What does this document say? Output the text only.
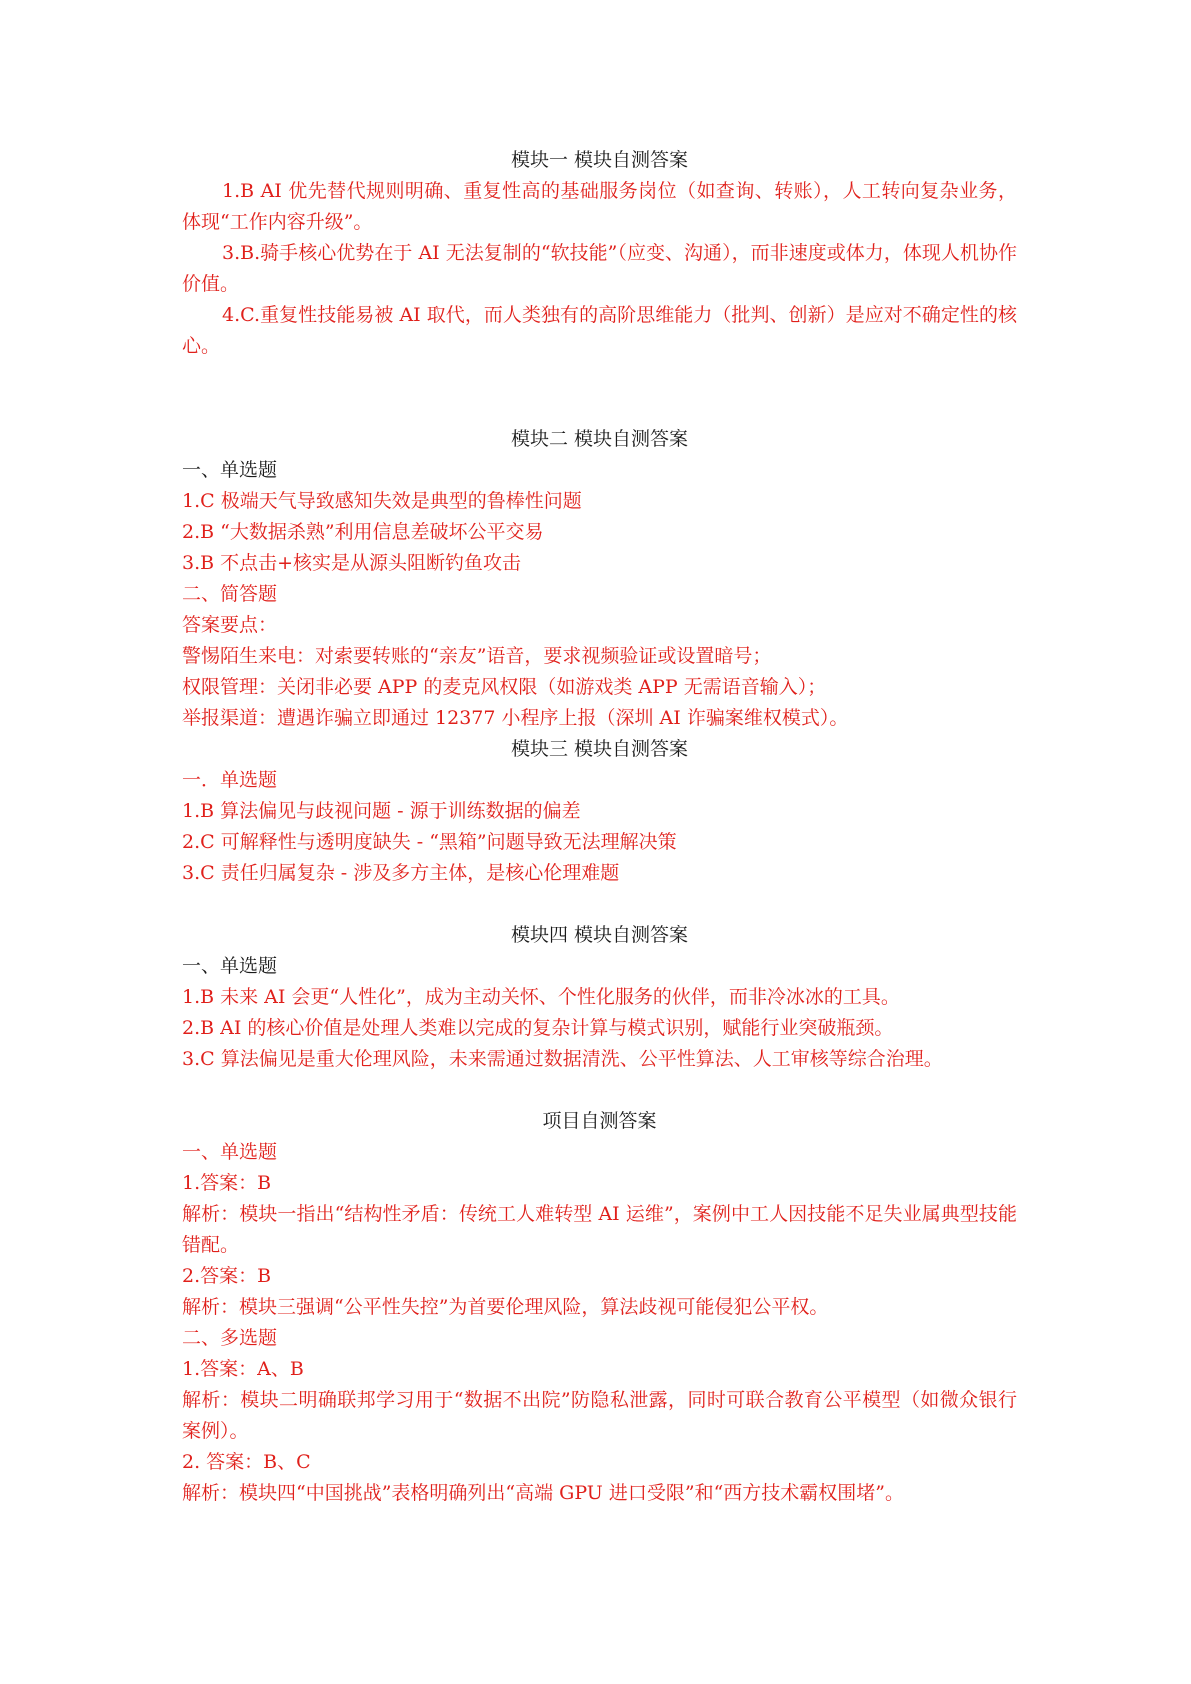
模块一 模块自测答案

1.B AI 优先替代规则明确、重复性高的基础服务岗位（如查询、转账），人工转向复杂业务，体现“工作内容升级”。

3.B.骑手核心优势在于 AI 无法复制的“软技能”（应变、沟通），而非速度或体力，体现人机协作价值。

4.C.重复性技能易被 AI 取代，而人类独有的高阶思维能力（批判、创新）是应对不确定性的核心。

模块二 模块自测答案

一、单选题

1.C 极端天气导致感知失效是典型的鲁棒性问题

2.B “大数据杀熟”利用信息差破坏公平交易

3.B 不点击+核实是从源头阻断钓鱼攻击

二、简答题

答案要点：

警惕陌生来电：对索要转账的“亲友”语音，要求视频验证或设置暗号；

权限管理：关闭非必要 APP 的麦克风权限（如游戏类 APP 无需语音输入）；

举报渠道：遭遇诈骗立即通过 12377 小程序上报（深圳 AI 诈骗案维权模式）。

模块三 模块自测答案

一．单选题

1.B 算法偏见与歧视问题 - 源于训练数据的偏差

2.C 可解释性与透明度缺失 - “黑箱”问题导致无法理解决策

3.C 责任归属复杂 - 涉及多方主体，是核心伦理难题

模块四 模块自测答案

一、单选题

1.B 未来 AI 会更“人性化”，成为主动关怀、个性化服务的伙伴，而非冷冰冰的工具。

2.B AI 的核心价值是处理人类难以完成的复杂计算与模式识别，赋能行业突破瓶颈。

3.C 算法偏见是重大伦理风险，未来需通过数据清洗、公平性算法、人工审核等综合治理。

项目自测答案

一、单选题

1.答案：B

解析：模块一指出“结构性矛盾：传统工人难转型 AI 运维”，案例中工人因技能不足失业属典型技能错配。

2.答案：B

解析：模块三强调“公平性失控”为首要伦理风险，算法歧视可能侵犯公平权。

二、多选题

1.答案：A、B

解析：模块二明确联邦学习用于“数据不出院”防隐私泄露，同时可联合教育公平模型（如微众银行案例）。

2. 答案：B、C

解析：模块四“中国挑战”表格明确列出“高端 GPU 进口受限”和“西方技术霸权围堵”。
